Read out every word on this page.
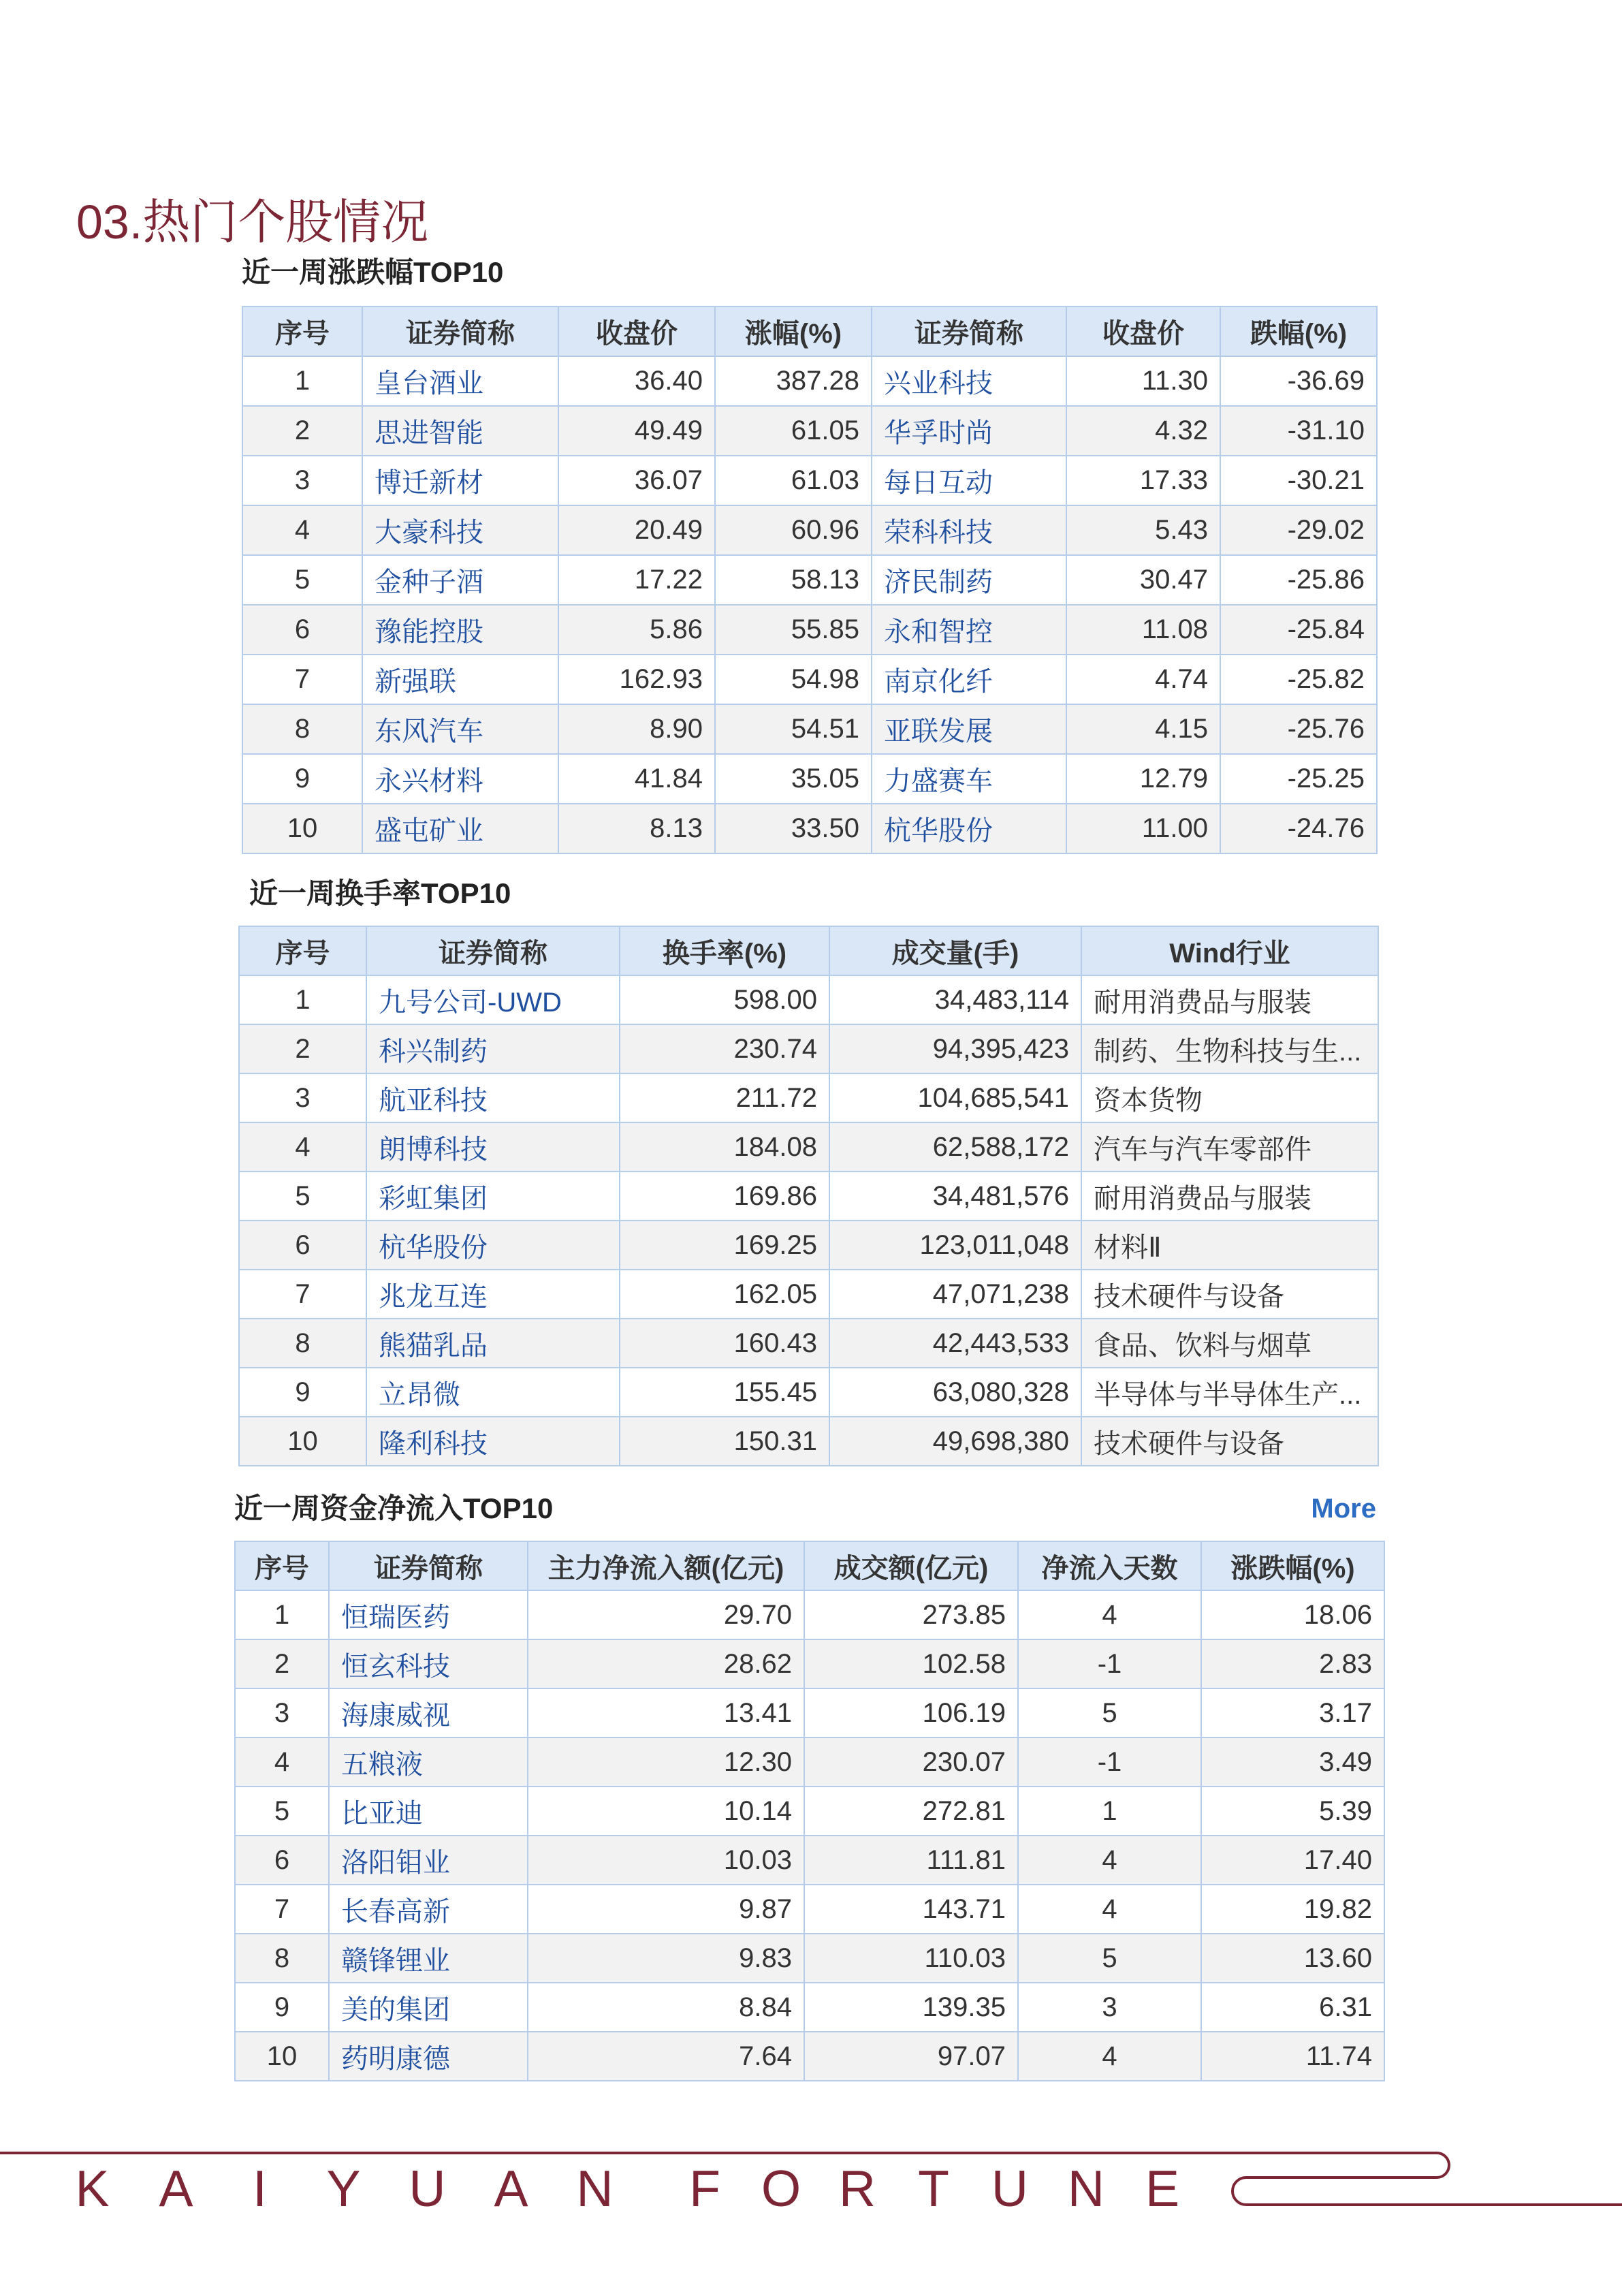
03.热门个股情况
近一周涨跌幅TOP10
序号	证券简称	收盘价	涨幅(%)	证券简称	收盘价	跌幅(%)
1	皇台酒业	36.40	387.28	兴业科技	11.30	-36.69
2	思进智能	49.49	61.05	华孚时尚	4.32	-31.10
3	博迁新材	36.07	61.03	每日互动	17.33	-30.21
4	大豪科技	20.49	60.96	荣科科技	5.43	-29.02
5	金种子酒	17.22	58.13	济民制药	30.47	-25.86
6	豫能控股	5.86	55.85	永和智控	11.08	-25.84
7	新强联	162.93	54.98	南京化纤	4.74	-25.82
8	东风汽车	8.90	54.51	亚联发展	4.15	-25.76
9	永兴材料	41.84	35.05	力盛赛车	12.79	-25.25
10	盛屯矿业	8.13	33.50	杭华股份	11.00	-24.76
近一周换手率TOP10
序号	证券简称	换手率(%)	成交量(手)	Wind行业
1	九号公司-UWD	598.00	34,483,114	耐用消费品与服装
2	科兴制药	230.74	94,395,423	制药、生物科技与生...
3	航亚科技	211.72	104,685,541	资本货物
4	朗博科技	184.08	62,588,172	汽车与汽车零部件
5	彩虹集团	169.86	34,481,576	耐用消费品与服装
6	杭华股份	169.25	123,011,048	材料Ⅱ
7	兆龙互连	162.05	47,071,238	技术硬件与设备
8	熊猫乳品	160.43	42,443,533	食品、饮料与烟草
9	立昂微	155.45	63,080,328	半导体与半导体生产...
10	隆利科技	150.31	49,698,380	技术硬件与设备
近一周资金净流入TOP10	More
序号	证券简称	主力净流入额(亿元)	成交额(亿元)	净流入天数	涨跌幅(%)
1	恒瑞医药	29.70	273.85	4	18.06
2	恒玄科技	28.62	102.58	-1	2.83
3	海康威视	13.41	106.19	5	3.17
4	五粮液	12.30	230.07	-1	3.49
5	比亚迪	10.14	272.81	1	5.39
6	洛阳钼业	10.03	111.81	4	17.40
7	长春高新	9.87	143.71	4	19.82
8	赣锋锂业	9.83	110.03	5	13.60
9	美的集团	8.84	139.35	3	6.31
10	药明康德	7.64	97.07	4	11.74
K A I Y U A N F O R T U N E
